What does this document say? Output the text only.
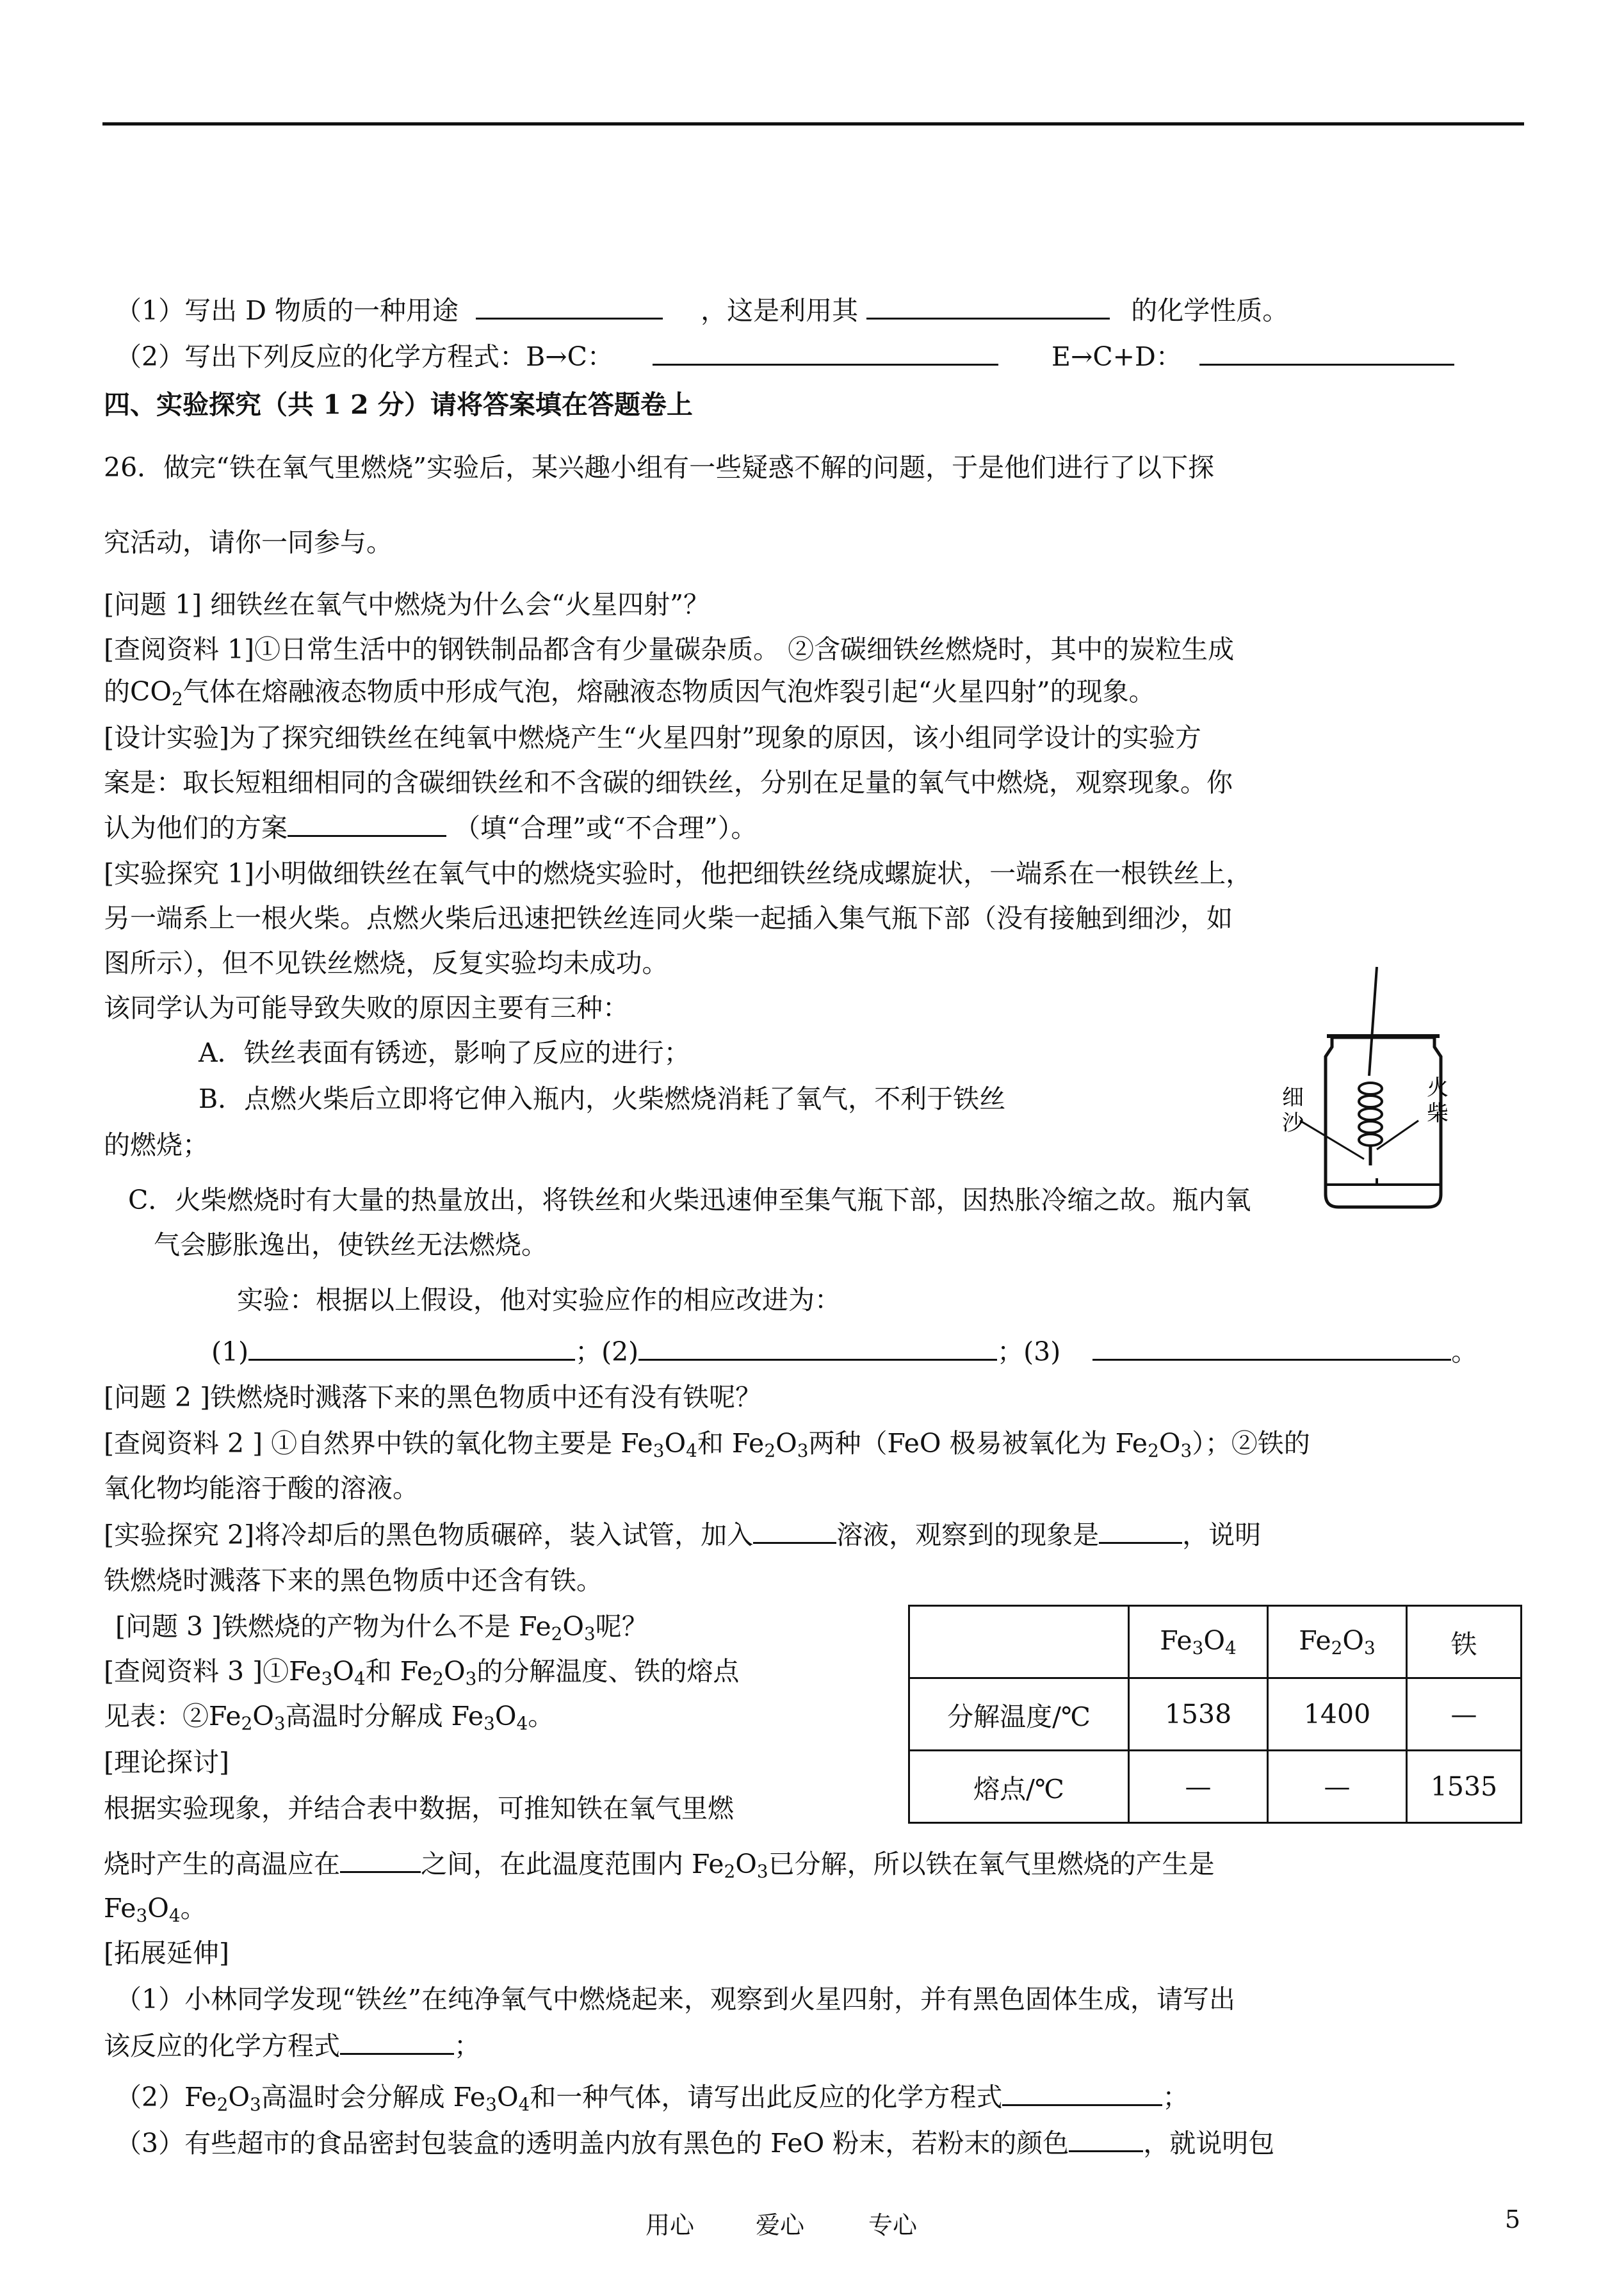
（1）写出 D 物质的一种用途	，这是利用其	的化学性质。
（2）写出下列反应的化学方程式：B→C：	E→C+D：
四、实验探究（共 1 2 分）请将答案填在答题卷上
26．做完“铁在氧气里燃烧”实验后，某兴趣小组有一些疑惑不解的问题，于是他们进行了以下探
究活动，请你一同参与。
[问题 1] 细铁丝在氧气中燃烧为什么会“火星四射”？
[查阅资料 1]①日常生活中的钢铁制品都含有少量碳杂质。 ②含碳细铁丝燃烧时，其中的炭粒生成
的$CO_2$气体在熔融液态物质中形成气泡，熔融液态物质因气泡炸裂引起“火星四射”的现象。
[设计实验]为了探究细铁丝在纯氧中燃烧产生“火星四射”现象的原因，该小组同学设计的实验方
案是：取长短粗细相同的含碳细铁丝和不含碳的细铁丝，分别在足量的氧气中燃烧，观察现象。你
认为他们的方案	（填“合理”或“不合理”）。
[实验探究 1]小明做细铁丝在氧气中的燃烧实验时，他把细铁丝绕成螺旋状，一端系在一根铁丝上，
另一端系上一根火柴。点燃火柴后迅速把铁丝连同火柴一起插入集气瓶下部（没有接触到细沙，如
图所示），但不见铁丝燃烧，反复实验均未成功。
该同学认为可能导致失败的原因主要有三种：
A．铁丝表面有锈迹，影响了反应的进行；
B．点燃火柴后立即将它伸入瓶内，火柴燃烧消耗了氧气，不利于铁丝
的燃烧；
C．火柴燃烧时有大量的热量放出，将铁丝和火柴迅速伸至集气瓶下部，因热胀冷缩之故。瓶内氧
气会膨胀逸出，使铁丝无法燃烧。
细沙
火柴
实验：根据以上假设，他对实验应作的相应改进为：
(1)	；(2)	；(3)	。
[问题 2 ]铁燃烧时溅落下来的黑色物质中还有没有铁呢？
[查阅资料 2 ] ①自然界中铁的氧化物主要是 $Fe_3O_4$和 $Fe_2O_3$两种（FeO 极易被氧化为 $Fe_2O_3$）；②铁的
氧化物均能溶于酸的溶液。
[实验探究 2]将冷却后的黑色物质碾碎，装入试管，加入	溶液，观察到的现象是	，说明
铁燃烧时溅落下来的黑色物质中还含有铁。
[问题 3 ]铁燃烧的产物为什么不是 $Fe_2O_3$呢？
[查阅资料 3 ]$①Fe_3O_4$和 $Fe_2O_3$的分解温度、铁的熔点
见表：$②Fe_2O_3$高温时分解成 $Fe_3O_4$。
	$Fe_3O_4$	$Fe_2O_3$	铁
分解温度/℃	1538	1400	—
熔点/℃	—	—	1535
[理论探讨]
根据实验现象，并结合表中数据，可推知铁在氧气里燃
烧时产生的高温应在	之间，在此温度范围内 $Fe_2O_3$已分解，所以铁在氧气里燃烧的产生是
$Fe_3O_4$。
[拓展延伸]
（1）小林同学发现“铁丝”在纯净氧气中燃烧起来，观察到火星四射，并有黑色固体生成，请写出
该反应的化学方程式	；
$(2)Fe_2O_3$高温时会分解成 $Fe_3O_4$和一种气体，请写出此反应的化学方程式	；
（3）有些超市的食品密封包装盒的透明盖内放有黑色的 FeO 粉末，若粉末的颜色	，就说明包
用心	爱心	专心	5
